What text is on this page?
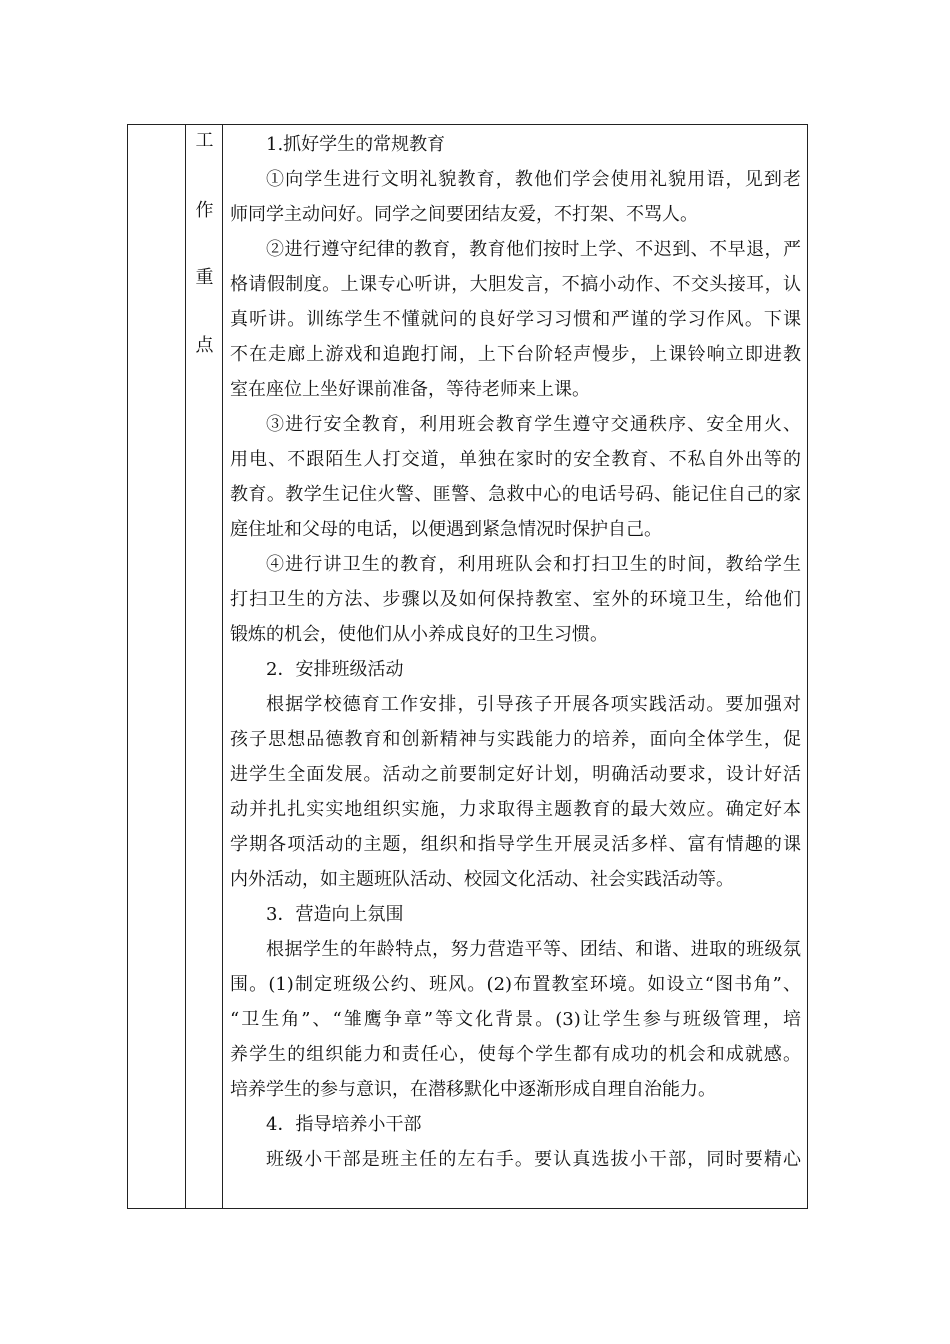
工
作
重
点
1.抓好学生的常规教育
①向学生进行文明礼貌教育，教他们学会使用礼貌用语，见到老
师同学主动问好。同学之间要团结友爱，不打架、不骂人。
②进行遵守纪律的教育，教育他们按时上学、不迟到、不早退，严
格请假制度。上课专心听讲，大胆发言，不搞小动作、不交头接耳，认
真听讲。训练学生不懂就问的良好学习习惯和严谨的学习作风。下课
不在走廊上游戏和追跑打闹，上下台阶轻声慢步，上课铃响立即进教
室在座位上坐好课前准备，等待老师来上课。
③进行安全教育，利用班会教育学生遵守交通秩序、安全用火、
用电、不跟陌生人打交道，单独在家时的安全教育、不私自外出等的
教育。教学生记住火警、匪警、急救中心的电话号码、能记住自己的家
庭住址和父母的电话，以便遇到紧急情况时保护自己。
④进行讲卫生的教育，利用班队会和打扫卫生的时间，教给学生
打扫卫生的方法、步骤以及如何保持教室、室外的环境卫生，给他们
锻炼的机会，使他们从小养成良好的卫生习惯。
2．安排班级活动
根据学校德育工作安排，引导孩子开展各项实践活动。要加强对
孩子思想品德教育和创新精神与实践能力的培养，面向全体学生，促
进学生全面发展。活动之前要制定好计划，明确活动要求，设计好活
动并扎扎实实地组织实施，力求取得主题教育的最大效应。确定好本
学期各项活动的主题，组织和指导学生开展灵活多样、富有情趣的课
内外活动，如主题班队活动、校园文化活动、社会实践活动等。
3．营造向上氛围
根据学生的年龄特点，努力营造平等、团结、和谐、进取的班级氛
围。(1)制定班级公约、班风。(2)布置教室环境。如设立“图书角”、
“卫生角”、“雏鹰争章”等文化背景。(3)让学生参与班级管理，培
养学生的组织能力和责任心，使每个学生都有成功的机会和成就感。
培养学生的参与意识，在潜移默化中逐渐形成自理自治能力。
4．指导培养小干部
班级小干部是班主任的左右手。要认真选拔小干部，同时要精心
